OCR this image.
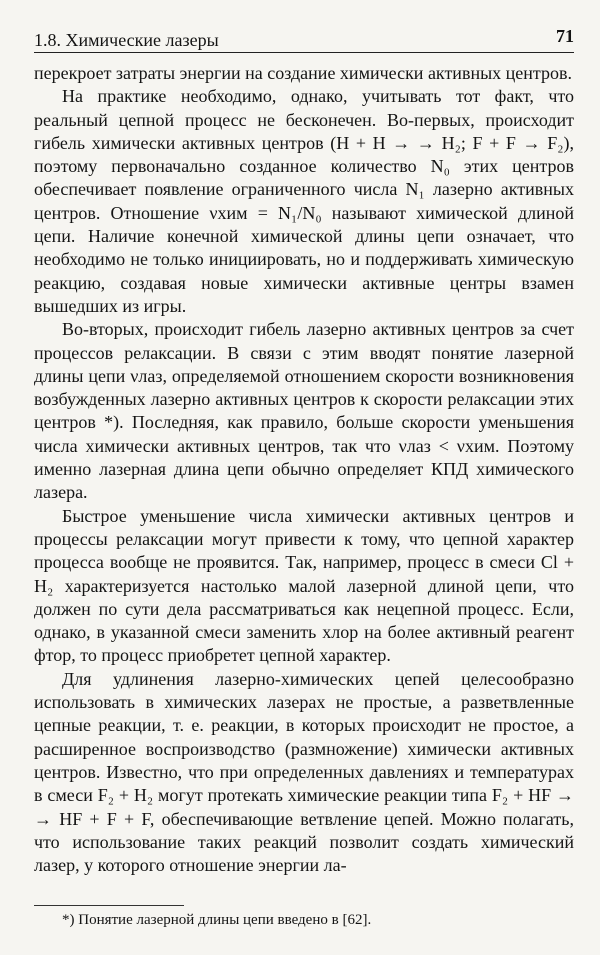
1.8. Химические лазеры	71

перекроет затраты энергии на создание химически активных центров.

На практике необходимо, однако, учитывать тот факт, что реальный цепной процесс не бесконечен. Во-первых, происходит гибель химически активных центров (H + H → → H₂; F + F → F₂), поэтому первоначально созданное количество N₀ этих центров обеспечивает появление ограниченного числа N₁ лазерно активных центров. Отношение νхим = N₁/N₀ называют химической длиной цепи. Наличие конечной химической длины цепи означает, что необходимо не только инициировать, но и поддерживать химическую реакцию, создавая новые химически активные центры взамен вышедших из игры.

Во-вторых, происходит гибель лазерно активных центров за счет процессов релаксации. В связи с этим вводят понятие лазерной длины цепи νлаз, определяемой отношением скорости возникновения возбужденных лазерно активных центров к скорости релаксации этих центров *). Последняя, как правило, больше скорости уменьшения числа химически активных центров, так что νлаз < νхим. Поэтому именно лазерная длина цепи обычно определяет КПД химического лазера.

Быстрое уменьшение числа химически активных центров и процессы релаксации могут привести к тому, что цепной характер процесса вообще не проявится. Так, например, процесс в смеси Cl + H₂ характеризуется настолько малой лазерной длиной цепи, что должен по сути дела рассматриваться как нецепной процесс. Если, однако, в указанной смеси заменить хлор на более активный реагент фтор, то процесс приобретет цепной характер.

Для удлинения лазерно-химических цепей целесообразно использовать в химических лазерах не простые, а разветвленные цепные реакции, т. е. реакции, в которых происходит не простое, а расширенное воспроизводство (размножение) химически активных центров. Известно, что при определенных давлениях и температурах в смеси F₂ + H₂ могут протекать химические реакции типа F₂ + HF → → HF + F + F, обеспечивающие ветвление цепей. Можно полагать, что использование таких реакций позволит создать химический лазер, у которого отношение энергии ла-

*) Понятие лазерной длины цепи введено в [62].
